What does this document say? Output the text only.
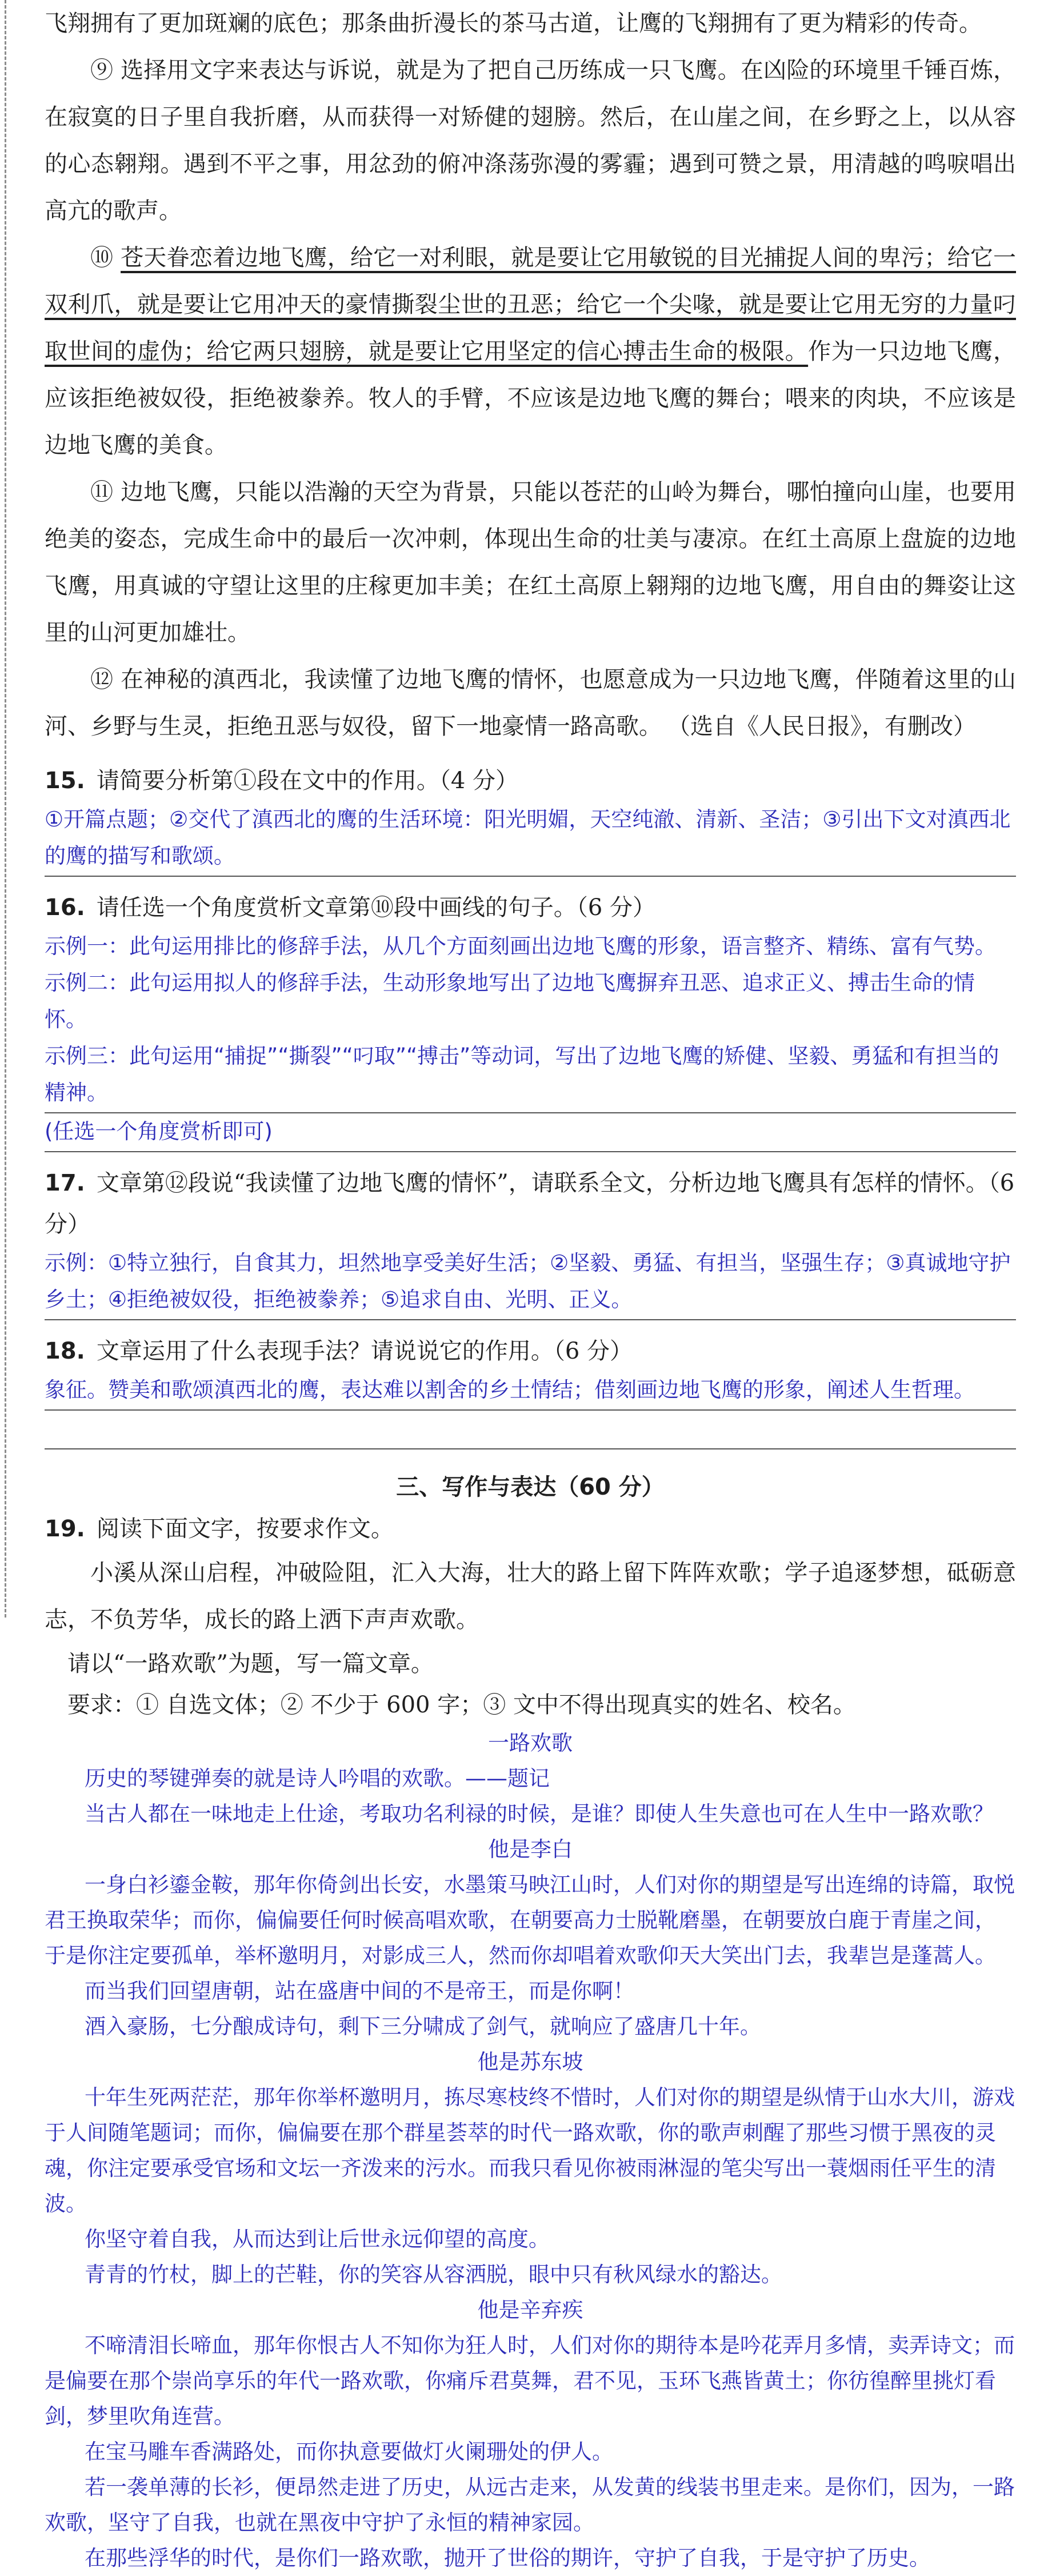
飞翔拥有了更加斑斓的底色；那条曲折漫长的茶马古道，让鹰的飞翔拥有了更为精彩的传奇。

⑨ 选择用文字来表达与诉说，就是为了把自己历练成一只飞鹰。在凶险的环境里千锤百炼，在寂寞的日子里自我折磨，从而获得一对矫健的翅膀。然后，在山崖之间，在乡野之上，以从容的心态翱翔。遇到不平之事，用忿劲的俯冲涤荡弥漫的雾霾；遇到可赞之景，用清越的鸣唳唱出高亢的歌声。

⑩ 苍天眷恋着边地飞鹰，给它一对利眼，就是要让它用敏锐的目光捕捉人间的卑污；给它一双利爪，就是要让它用冲天的豪情撕裂尘世的丑恶；给它一个尖喙，就是要让它用无穷的力量叼取世间的虚伪；给它两只翅膀，就是要让它用坚定的信心搏击生命的极限。作为一只边地飞鹰，应该拒绝被奴役，拒绝被豢养。牧人的手臂，不应该是边地飞鹰的舞台；喂来的肉块，不应该是边地飞鹰的美食。

⑪ 边地飞鹰，只能以浩瀚的天空为背景，只能以苍茫的山岭为舞台，哪怕撞向山崖，也要用绝美的姿态，完成生命中的最后一次冲刺，体现出生命的壮美与凄凉。在红土高原上盘旋的边地飞鹰，用真诚的守望让这里的庄稼更加丰美；在红土高原上翱翔的边地飞鹰，用自由的舞姿让这里的山河更加雄壮。

⑫ 在神秘的滇西北，我读懂了边地飞鹰的情怀，也愿意成为一只边地飞鹰，伴随着这里的山河、乡野与生灵，拒绝丑恶与奴役，留下一地豪情一路高歌。 （选自《人民日报》，有删改）

15. 请简要分析第①段在文中的作用。（4 分）

①开篇点题；②交代了滇西北的鹰的生活环境：阳光明媚，天空纯澈、清新、圣洁；③引出下文对滇西北的鹰的描写和歌颂。

16. 请任选一个角度赏析文章第⑩段中画线的句子。（6 分）

示例一：此句运用排比的修辞手法，从几个方面刻画出边地飞鹰的形象，语言整齐、精练、富有气势。

示例二：此句运用拟人的修辞手法，生动形象地写出了边地飞鹰摒弃丑恶、追求正义、搏击生命的情怀。

示例三：此句运用“捕捉”“撕裂”“叼取”“搏击”等动词，写出了边地飞鹰的矫健、坚毅、勇猛和有担当的精神。

(任选一个角度赏析即可)

17. 文章第⑫段说“我读懂了边地飞鹰的情怀”，请联系全文，分析边地飞鹰具有怎样的情怀。（6 分）

示例：①特立独行，自食其力，坦然地享受美好生活；②坚毅、勇猛、有担当，坚强生存；③真诚地守护乡土；④拒绝被奴役，拒绝被豢养；⑤追求自由、光明、正义。

18. 文章运用了什么表现手法？请说说它的作用。（6 分）

象征。赞美和歌颂滇西北的鹰，表达难以割舍的乡土情结；借刻画边地飞鹰的形象，阐述人生哲理。

三、写作与表达（60 分）
19. 阅读下面文字，按要求作文。

小溪从深山启程，冲破险阻，汇入大海，壮大的路上留下阵阵欢歌；学子追逐梦想，砥砺意志，不负芳华，成长的路上洒下声声欢歌。

请以“一路欢歌”为题，写一篇文章。

要求：① 自选文体；② 不少于 600 字；③ 文中不得出现真实的姓名、校名。

一路欢歌

历史的琴键弹奏的就是诗人吟唱的欢歌。——题记

当古人都在一味地走上仕途，考取功名利禄的时候，是谁？即使人生失意也可在人生中一路欢歌？

他是李白

一身白衫鎏金鞍，那年你倚剑出长安，水墨策马映江山时，人们对你的期望是写出连绵的诗篇，取悦君王换取荣华；而你，偏偏要任何时候高唱欢歌，在朝要高力士脱靴磨墨，在朝要放白鹿于青崖之间，于是你注定要孤单，举杯邀明月，对影成三人，然而你却唱着欢歌仰天大笑出门去，我辈岂是蓬蒿人。

而当我们回望唐朝，站在盛唐中间的不是帝王，而是你啊！

酒入豪肠，七分酿成诗句，剩下三分啸成了剑气，就响应了盛唐几十年。

他是苏东坡

十年生死两茫茫，那年你举杯邀明月，拣尽寒枝终不惜时，人们对你的期望是纵情于山水大川，游戏于人间随笔题词；而你，偏偏要在那个群星荟萃的时代一路欢歌，你的歌声刺醒了那些习惯于黑夜的灵魂，你注定要承受官场和文坛一齐泼来的污水。而我只看见你被雨淋湿的笔尖写出一蓑烟雨任平生的清波。

你坚守着自我，从而达到让后世永远仰望的高度。

青青的竹杖，脚上的芒鞋，你的笑容从容洒脱，眼中只有秋风绿水的豁达。

他是辛弃疾

不啼清泪长啼血，那年你恨古人不知你为狂人时，人们对你的期待本是吟花弄月多情，卖弄诗文；而是偏要在那个崇尚享乐的年代一路欢歌，你痛斥君莫舞，君不见，玉环飞燕皆黄土；你彷徨醉里挑灯看剑，梦里吹角连营。

在宝马雕车香满路处，而你执意要做灯火阑珊处的伊人。

若一袭单薄的长衫，便昂然走进了历史，从远古走来，从发黄的线装书里走来。是你们，因为，一路欢歌，坚守了自我，也就在黑夜中守护了永恒的精神家园。

在那些浮华的时代，是你们一路欢歌，抛开了世俗的期许，守护了自我，于是守护了历史。
